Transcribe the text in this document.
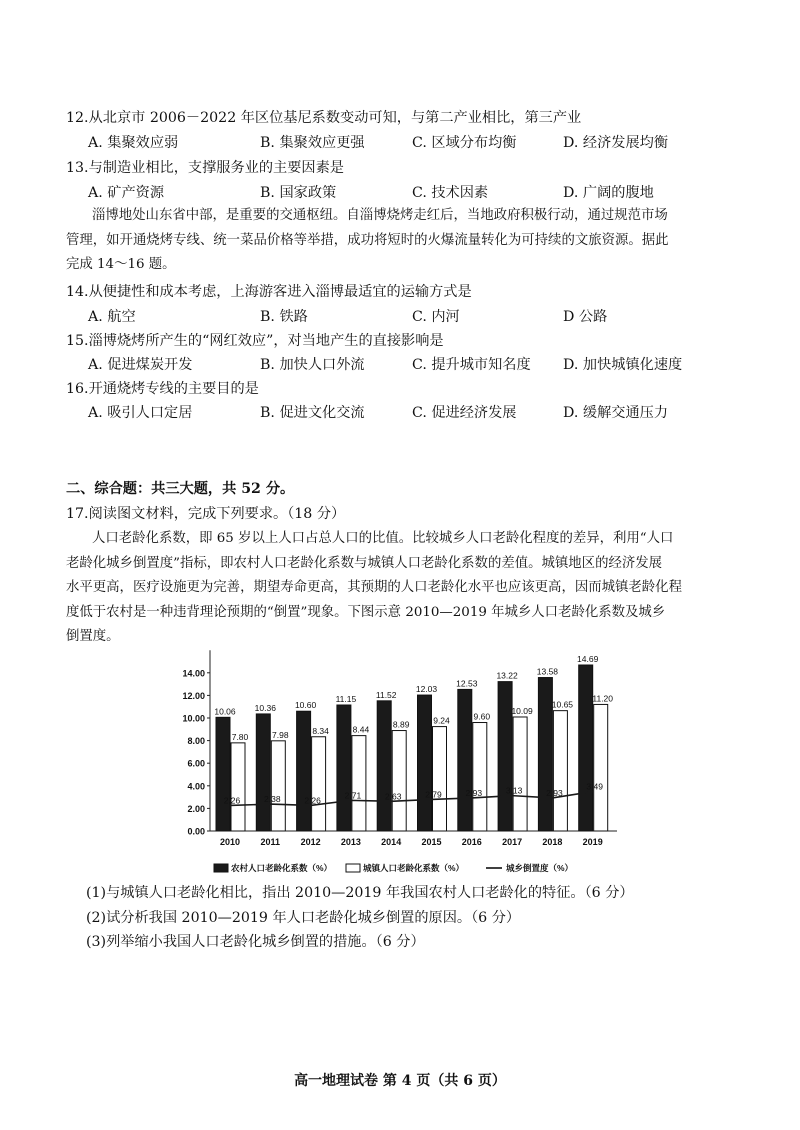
12.从北京市 2006－2022 年区位基尼系数变动可知，与第二产业相比，第三产业
A. 集聚效应弱	B. 集聚效应更强	C. 区域分布均衡	D. 经济发展均衡
13.与制造业相比，支撑服务业的主要因素是
A. 矿产资源	B. 国家政策	C. 技术因素	D. 广阔的腹地
淄博地处山东省中部，是重要的交通枢纽。自淄博烧烤走红后，当地政府积极行动，通过规范市场
管理，如开通烧烤专线、统一菜品价格等举措，成功将短时的火爆流量转化为可持续的文旅资源。据此
完成 14～16 题。
14.从便捷性和成本考虑，上海游客进入淄博最适宜的运输方式是
A. 航空	B. 铁路	C. 内河	D 公路
15.淄博烧烤所产生的“网红效应”，对当地产生的直接影响是
A. 促进煤炭开发	B. 加快人口外流	C. 提升城市知名度 D. 加快城镇化速度
16.开通烧烤专线的主要目的是
A. 吸引人口定居	B. 促进文化交流	C. 促进经济发展	D. 缓解交通压力
二、综合题：共三大题，共 52 分。
17.阅读图文材料，完成下列要求。（18 分）
人口老龄化系数，即 65 岁以上人口占总人口的比值。比较城乡人口老龄化程度的差异，利用“人口
老龄化城乡倒置度”指标，即农村人口老龄化系数与城镇人口老龄化系数的差值。城镇地区的经济发展
水平更高，医疗设施更为完善，期望寿命更高，其预期的人口老龄化水平也应该更高，因而城镇老龄化程
度低于农村是一种违背理论预期的“倒置”现象。下图示意 2010—2019 年城乡人口老龄化系数及城乡
倒置度。
0.00
2.00
4.00
6.00
8.00
10.00
12.00
14.00
2.26	2.38	2.26
2.71	2.63	2.79	2.93	3.13	2.93
3.49
2010
10.06
7.80
2011
10.36
7.98
2012
10.60
8.34
2013
11.15
8.44
2014
11.52
8.89
2015
12.03
9.24
2016
12.53
9.60
2017
13.22
10.09
2018
13.58
10.65
2019
14.69
11.20
农村人口老龄化系数（%）	城镇人口老龄化系数（%）	城乡倒置度（%）
(1)与城镇人口老龄化相比，指出 2010—2019 年我国农村人口老龄化的特征。（6 分）
(2)试分析我国 2010—2019 年人口老龄化城乡倒置的原因。（6 分）
(3)列举缩小我国人口老龄化城乡倒置的措施。（6 分）
高一地理试卷 第 4 页（共 6 页）
